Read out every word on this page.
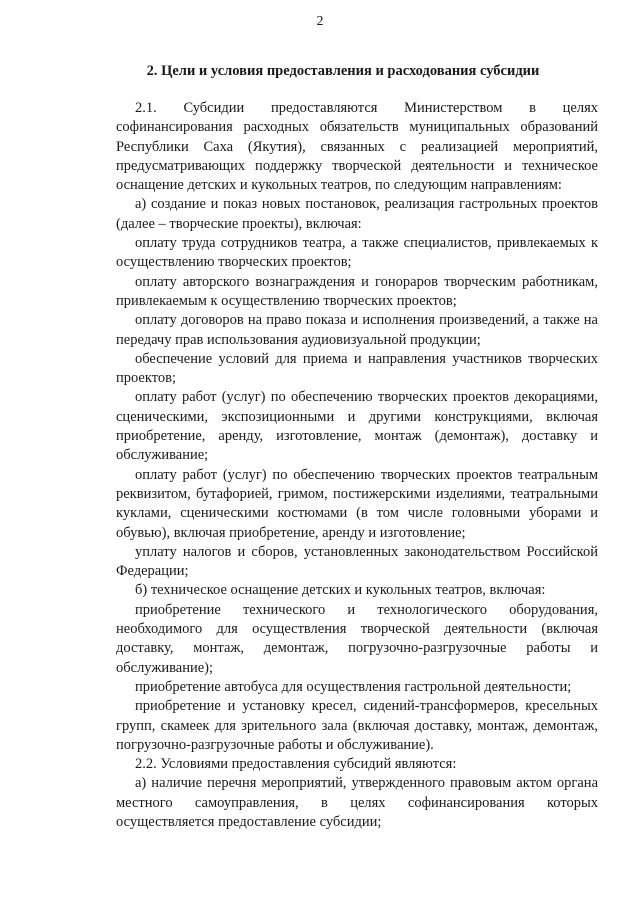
2
2. Цели и условия предоставления и расходования субсидии

2.1. Субсидии предоставляются Министерством в целях софинансирования расходных обязательств муниципальных образований Республики Саха (Якутия), связанных с реализацией мероприятий, предусматривающих поддержку творческой деятельности и техническое оснащение детских и кукольных театров, по следующим направлениям:

а) создание и показ новых постановок, реализация гастрольных проектов (далее – творческие проекты), включая:

оплату труда сотрудников театра, а также специалистов, привлекаемых к осуществлению творческих проектов;

оплату авторского вознаграждения и гонораров творческим работникам, привлекаемым к осуществлению творческих проектов;

оплату договоров на право показа и исполнения произведений, а также на передачу прав использования аудиовизуальной продукции;

обеспечение условий для приема и направления участников творческих проектов;

оплату работ (услуг) по обеспечению творческих проектов декорациями, сценическими, экспозиционными и другими конструкциями, включая приобретение, аренду, изготовление, монтаж (демонтаж), доставку и обслуживание;

оплату работ (услуг) по обеспечению творческих проектов театральным реквизитом, бутафорией, гримом, постижерскими изделиями, театральными куклами, сценическими костюмами (в том числе головными уборами и обувью), включая приобретение, аренду и изготовление;

уплату налогов и сборов, установленных законодательством Российской Федерации;

б) техническое оснащение детских и кукольных театров, включая:

приобретение технического и технологического оборудования, необходимого для осуществления творческой деятельности (включая доставку, монтаж, демонтаж, погрузочно-разгрузочные работы и обслуживание);

приобретение автобуса для осуществления гастрольной деятельности;

приобретение и установку кресел, сидений-трансформеров, кресельных групп, скамеек для зрительного зала (включая доставку, монтаж, демонтаж, погрузочно-разгрузочные работы и обслуживание).

2.2. Условиями предоставления субсидий являются:

а) наличие перечня мероприятий, утвержденного правовым актом органа местного самоуправления, в целях софинансирования которых осуществляется предоставление субсидии;
